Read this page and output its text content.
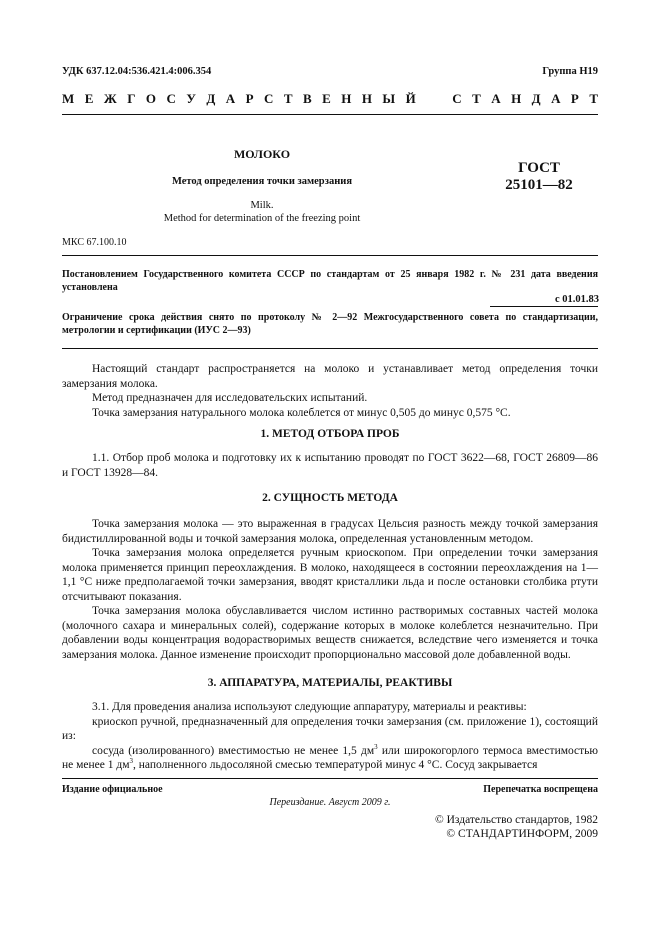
УДК 637.12.04:536.421.4:006.354	Группа Н19
М Е Ж Г О С У Д А Р С Т В Е Н Н Ы Й   С Т А Н Д А Р Т
МОЛОКО
Метод определения точки замерзания
Milk.
Method for determination of the freezing point
ГОСТ
25101—82
МКС 67.100.10
Постановлением Государственного комитета СССР по стандартам от 25 января 1982 г. № 231 дата введения установлена
с 01.01.83
Ограничение срока действия снято по протоколу № 2—92 Межгосударственного совета по стандартизации, метрологии и сертификации (ИУС 2—93)

Настоящий стандарт распространяется на молоко и устанавливает метод определения точки замерзания молока.

Метод предназначен для исследовательских испытаний.

Точка замерзания натурального молока колеблется от минус 0,505 до минус 0,575 °С.

1. МЕТОД ОТБОРА ПРОБ

1.1. Отбор проб молока и подготовку их к испытанию проводят по ГОСТ 3622—68, ГОСТ 26809—86 и ГОСТ 13928—84.

2. СУЩНОСТЬ МЕТОДА

Точка замерзания молока — это выраженная в градусах Цельсия разность между точкой замерзания бидистиллированной воды и точкой замерзания молока, определенная установленным методом.

Точка замерзания молока определяется ручным криоскопом. При определении точки замерзания молока применяется принцип переохлаждения. В молоко, находящееся в состоянии переохлаждения на 1—1,1 °С ниже предполагаемой точки замерзания, вводят кристаллики льда и после остановки столбика ртути отсчитывают показания.

Точка замерзания молока обуславливается числом истинно растворимых составных частей молока (молочного сахара и минеральных солей), содержание которых в молоке колеблется незначительно. При добавлении воды концентрация водорастворимых веществ снижается, вследствие чего изменяется и точка замерзания молока. Данное изменение происходит пропорционально массовой доле добавленной воды.

3. АППАРАТУРА, МАТЕРИАЛЫ, РЕАКТИВЫ

3.1. Для проведения анализа используют следующие аппаратуру, материалы и реактивы:

криоскоп ручной, предназначенный для определения точки замерзания (см. приложение 1), состоящий из:

сосуда (изолированного) вместимостью не менее 1,5 $дм^3$ или широкогорлого термоса вместимостью не менее 1 $дм^3$, наполненного льдосоляной смесью температурой минус 4 °С. Сосуд закрывается

Издание официальное	Перепечатка воспрещена
Переиздание. Август 2009 г.
© Издательство стандартов, 1982
© СТАНДАРТИНФОРМ, 2009
